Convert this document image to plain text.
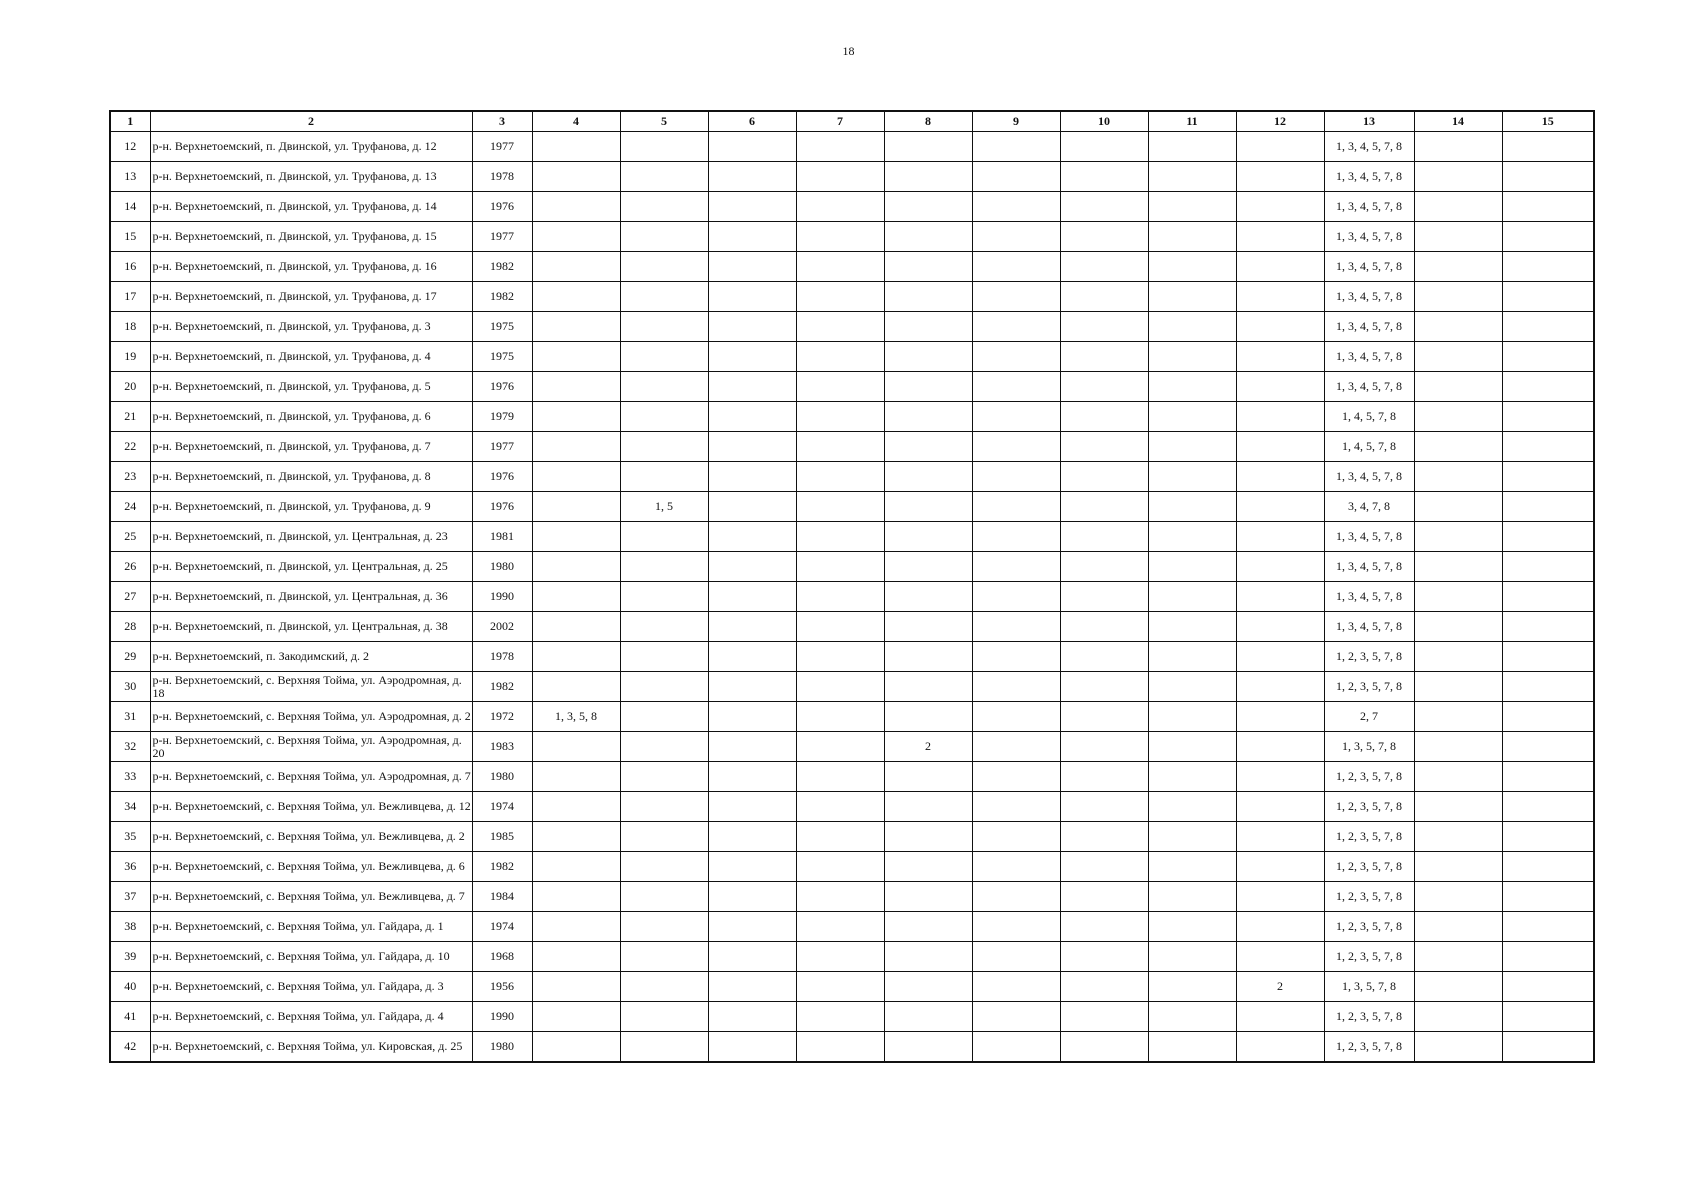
18
1	2	3	4	5	6	7	8	9	10	11	12	13	14	15
12	р-н. Верхнетоемский, п. Двинской, ул. Труфанова, д. 12	1977										1, 3, 4, 5, 7, 8		
13	р-н. Верхнетоемский, п. Двинской, ул. Труфанова, д. 13	1978										1, 3, 4, 5, 7, 8		
14	р-н. Верхнетоемский, п. Двинской, ул. Труфанова, д. 14	1976										1, 3, 4, 5, 7, 8		
15	р-н. Верхнетоемский, п. Двинской, ул. Труфанова, д. 15	1977										1, 3, 4, 5, 7, 8		
16	р-н. Верхнетоемский, п. Двинской, ул. Труфанова, д. 16	1982										1, 3, 4, 5, 7, 8		
17	р-н. Верхнетоемский, п. Двинской, ул. Труфанова, д. 17	1982										1, 3, 4, 5, 7, 8		
18	р-н. Верхнетоемский, п. Двинской, ул. Труфанова, д. 3	1975										1, 3, 4, 5, 7, 8		
19	р-н. Верхнетоемский, п. Двинской, ул. Труфанова, д. 4	1975										1, 3, 4, 5, 7, 8		
20	р-н. Верхнетоемский, п. Двинской, ул. Труфанова, д. 5	1976										1, 3, 4, 5, 7, 8		
21	р-н. Верхнетоемский, п. Двинской, ул. Труфанова, д. 6	1979										1, 4, 5, 7, 8		
22	р-н. Верхнетоемский, п. Двинской, ул. Труфанова, д. 7	1977										1, 4, 5, 7, 8		
23	р-н. Верхнетоемский, п. Двинской, ул. Труфанова, д. 8	1976										1, 3, 4, 5, 7, 8		
24	р-н. Верхнетоемский, п. Двинской, ул. Труфанова, д. 9	1976		1, 5								3, 4, 7, 8		
25	р-н. Верхнетоемский, п. Двинской, ул. Центральная, д. 23	1981										1, 3, 4, 5, 7, 8		
26	р-н. Верхнетоемский, п. Двинской, ул. Центральная, д. 25	1980										1, 3, 4, 5, 7, 8		
27	р-н. Верхнетоемский, п. Двинской, ул. Центральная, д. 36	1990										1, 3, 4, 5, 7, 8		
28	р-н. Верхнетоемский, п. Двинской, ул. Центральная, д. 38	2002										1, 3, 4, 5, 7, 8		
29	р-н. Верхнетоемский, п. Закодимский, д. 2	1978										1, 2, 3, 5, 7, 8		
30	р-н. Верхнетоемский, с. Верхняя Тойма, ул. Аэродромная, д. 18	1982										1, 2, 3, 5, 7, 8		
31	р-н. Верхнетоемский, с. Верхняя Тойма, ул. Аэродромная, д. 2	1972	1, 3, 5, 8									2, 7		
32	р-н. Верхнетоемский, с. Верхняя Тойма, ул. Аэродромная, д. 20	1983					2					1, 3, 5, 7, 8		
33	р-н. Верхнетоемский, с. Верхняя Тойма, ул. Аэродромная, д. 7	1980										1, 2, 3, 5, 7, 8		
34	р-н. Верхнетоемский, с. Верхняя Тойма, ул. Вежливцева, д. 12	1974										1, 2, 3, 5, 7, 8		
35	р-н. Верхнетоемский, с. Верхняя Тойма, ул. Вежливцева, д. 2	1985										1, 2, 3, 5, 7, 8		
36	р-н. Верхнетоемский, с. Верхняя Тойма, ул. Вежливцева, д. 6	1982										1, 2, 3, 5, 7, 8		
37	р-н. Верхнетоемский, с. Верхняя Тойма, ул. Вежливцева, д. 7	1984										1, 2, 3, 5, 7, 8		
38	р-н. Верхнетоемский, с. Верхняя Тойма, ул. Гайдара, д. 1	1974										1, 2, 3, 5, 7, 8		
39	р-н. Верхнетоемский, с. Верхняя Тойма, ул. Гайдара, д. 10	1968										1, 2, 3, 5, 7, 8		
40	р-н. Верхнетоемский, с. Верхняя Тойма, ул. Гайдара, д. 3	1956									2	1, 3, 5, 7, 8		
41	р-н. Верхнетоемский, с. Верхняя Тойма, ул. Гайдара, д. 4	1990										1, 2, 3, 5, 7, 8		
42	р-н. Верхнетоемский, с. Верхняя Тойма, ул. Кировская, д. 25	1980										1, 2, 3, 5, 7, 8		
